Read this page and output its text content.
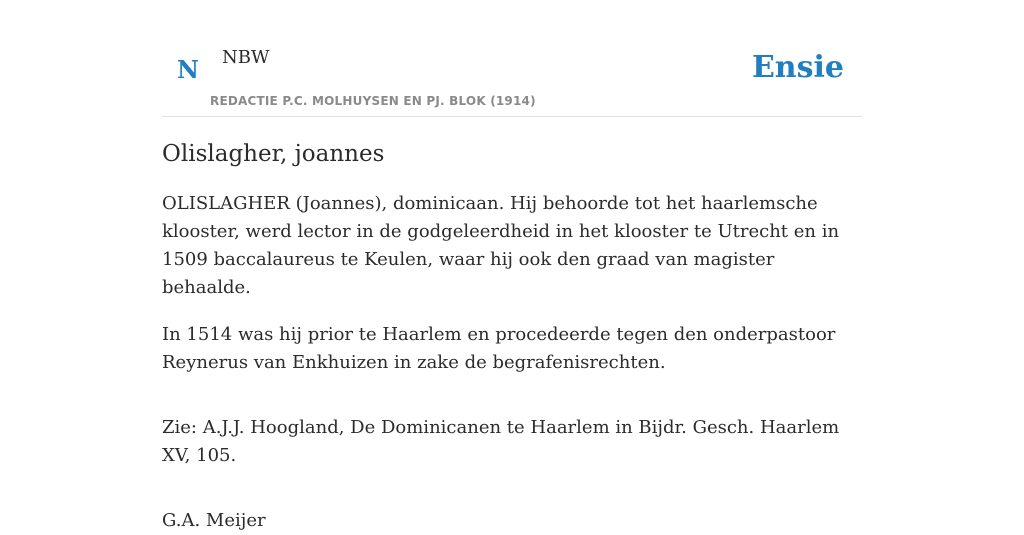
N NBW
REDACTIE P.C. MOLHUYSEN EN PJ. BLOK (1914)
Ensie
Olislagher, joannes

OLISLAGHER (Joannes), dominicaan. Hij behoorde tot het haarlemsche klooster, werd lector in de godgeleerdheid in het klooster te Utrecht en in 1509 baccalaureus te Keulen, waar hij ook den graad van magister behaalde.

In 1514 was hij prior te Haarlem en procedeerde tegen den onderpastoor Reynerus van Enkhuizen in zake de begrafenisrechten.

Zie: A.J.J. Hoogland, De Dominicanen te Haarlem in Bijdr. Gesch. Haarlem XV, 105.

G.A. Meijer
